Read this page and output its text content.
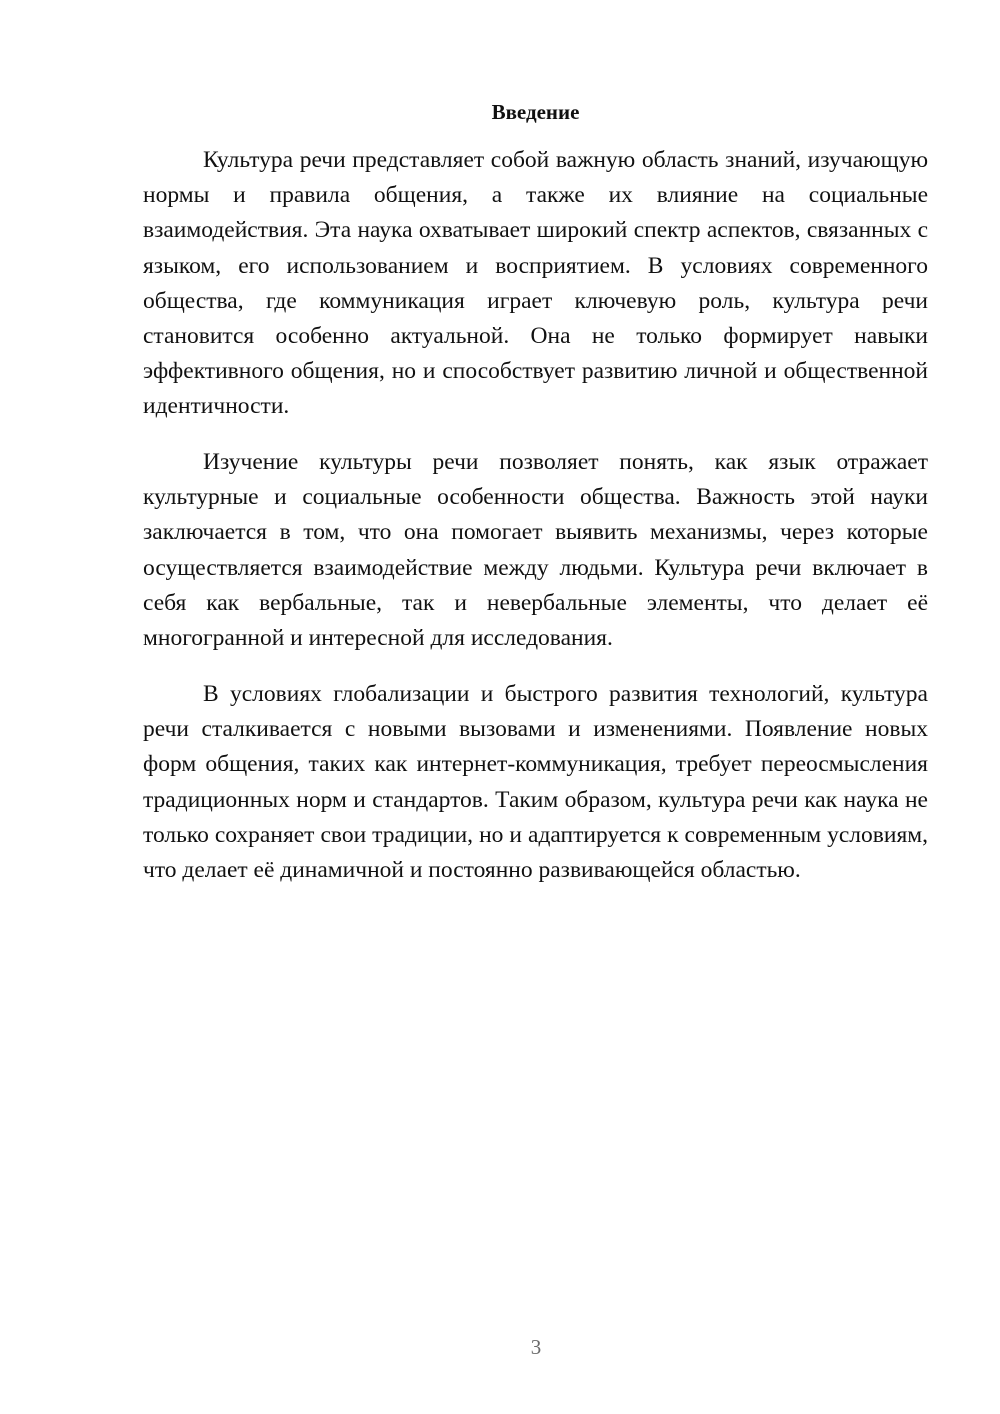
Введение

Культура речи представляет собой важную область знаний, изучающую нормы и правила общения, а также их влияние на социальные взаимодействия. Эта наука охватывает широкий спектр аспектов, связанных с языком, его использованием и восприятием. В условиях современного общества, где коммуникация играет ключевую роль, культура речи становится особенно актуальной. Она не только формирует навыки эффективного общения, но и способствует развитию личной и общественной идентичности.

Изучение культуры речи позволяет понять, как язык отражает культурные и социальные особенности общества. Важность этой науки заключается в том, что она помогает выявить механизмы, через которые осуществляется взаимодействие между людьми. Культура речи включает в себя как вербальные, так и невербальные элементы, что делает её многогранной и интересной для исследования.

В условиях глобализации и быстрого развития технологий, культура речи сталкивается с новыми вызовами и изменениями. Появление новых форм общения, таких как интернет-коммуникация, требует переосмысления традиционных норм и стандартов. Таким образом, культура речи как наука не только сохраняет свои традиции, но и адаптируется к современным условиям, что делает её динамичной и постоянно развивающейся областью.

3
